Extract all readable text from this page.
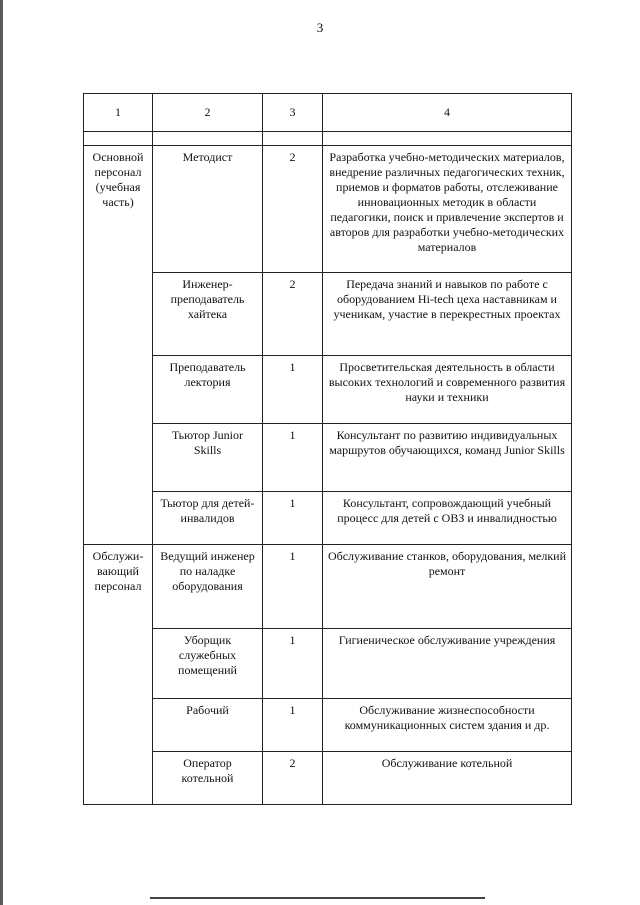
3
1	2	3	4

Основной персонал (учебная часть)	Методист	2	Разработка учебно-методических материалов, внедрение различных педагогических техник, приемов и форматов работы, отслеживание инновационных методик в области педагогики, поиск и привлечение экспертов и авторов для разработки учебно-методических материалов
	Инженер-преподаватель хайтека	2	Передача знаний и навыков по работе с оборудованием Hi-tech цеха наставникам и ученикам, участие в перекрестных проектах
	Преподаватель лектория	1	Просветительская деятельность в области высоких технологий и современного развития науки и техники
	Тьютор Junior Skills	1	Консультант по развитию индивидуальных маршрутов обучающихся, команд Junior Skills
	Тьютор для детей-инвалидов	1	Консультант, сопровождающий учебный процесс для детей с ОВЗ и инвалидностью
Обслужи-вающий персонал	Ведущий инженер по наладке оборудования	1	Обслуживание станков, оборудования, мелкий ремонт
	Уборщик служебных помещений	1	Гигиеническое обслуживание учреждения
	Рабочий	1	Обслуживание жизнеспособности коммуникационных систем здания и др.
	Оператор котельной	2	Обслуживание котельной
